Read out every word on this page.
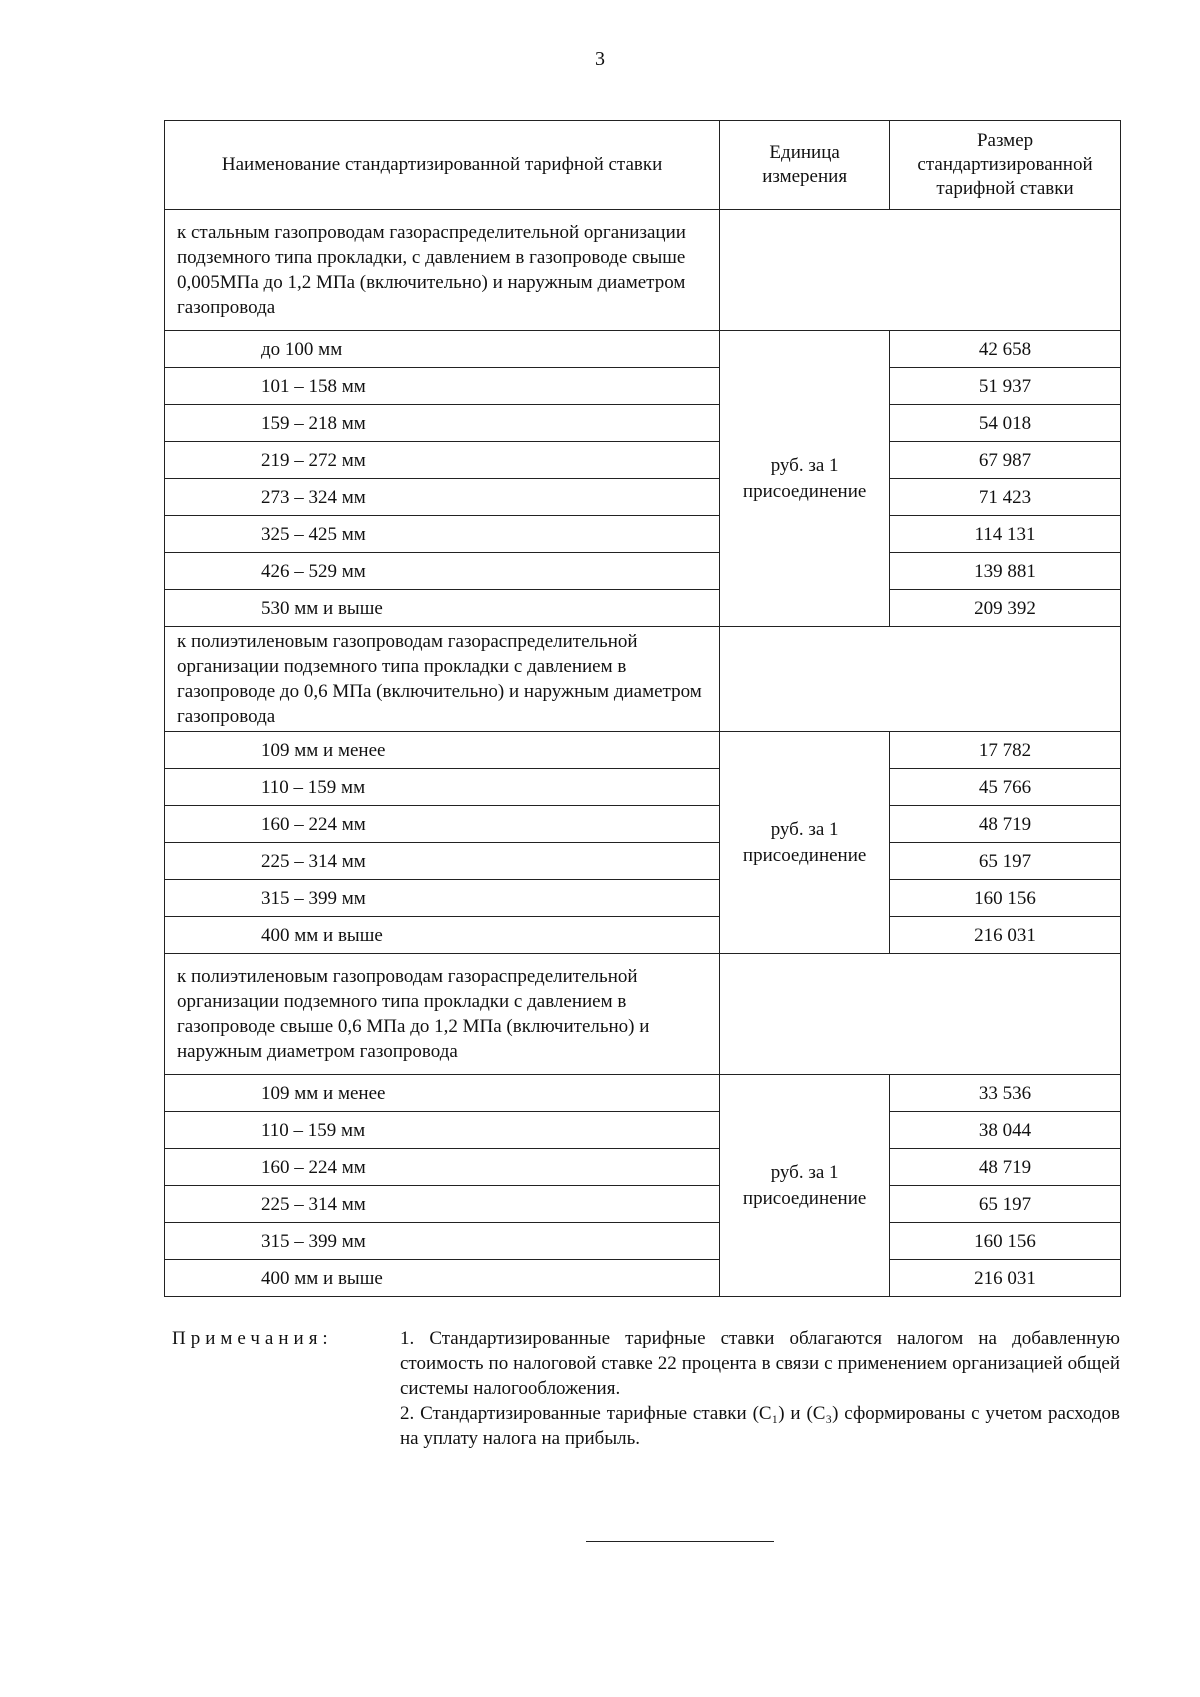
3
Наименование стандартизированной тарифной ставки	Единица измерения	Размер стандартизированной тарифной ставки
к стальным газопроводам газораспределительной организации подземного типа прокладки, с давлением в газопроводе свыше 0,005МПа до 1,2 МПа (включительно) и наружным диаметром газопровода		
до 100 мм	руб. за 1 присоединение	42 658
101 – 158 мм		51 937
159 – 218 мм		54 018
219 – 272 мм		67 987
273 – 324 мм		71 423
325 – 425 мм		114 131
426 – 529 мм		139 881
530 мм и выше		209 392
к полиэтиленовым газопроводам газораспределительной организации подземного типа прокладки с давлением в газопроводе до 0,6 МПа (включительно) и наружным диаметром газопровода		
109 мм и менее	руб. за 1 присоединение	17 782
110 – 159 мм		45 766
160 – 224 мм		48 719
225 – 314 мм		65 197
315 – 399 мм		160 156
400 мм и выше		216 031
к полиэтиленовым газопроводам газораспределительной организации подземного типа прокладки с давлением в газопроводе свыше 0,6 МПа до 1,2 МПа (включительно) и наружным диаметром газопровода		
109 мм и менее	руб. за 1 присоединение	33 536
110 – 159 мм		38 044
160 – 224 мм		48 719
225 – 314 мм		65 197
315 – 399 мм		160 156
400 мм и выше		216 031
Примечания:	1. Стандартизированные тарифные ставки облагаются налогом на добавленную стоимость по налоговой ставке 22 процента в связи с применением организацией общей системы налогообложения.
2. Стандартизированные тарифные ставки (С₁) и (С₃) сформированы с учетом расходов на уплату налога на прибыль.
